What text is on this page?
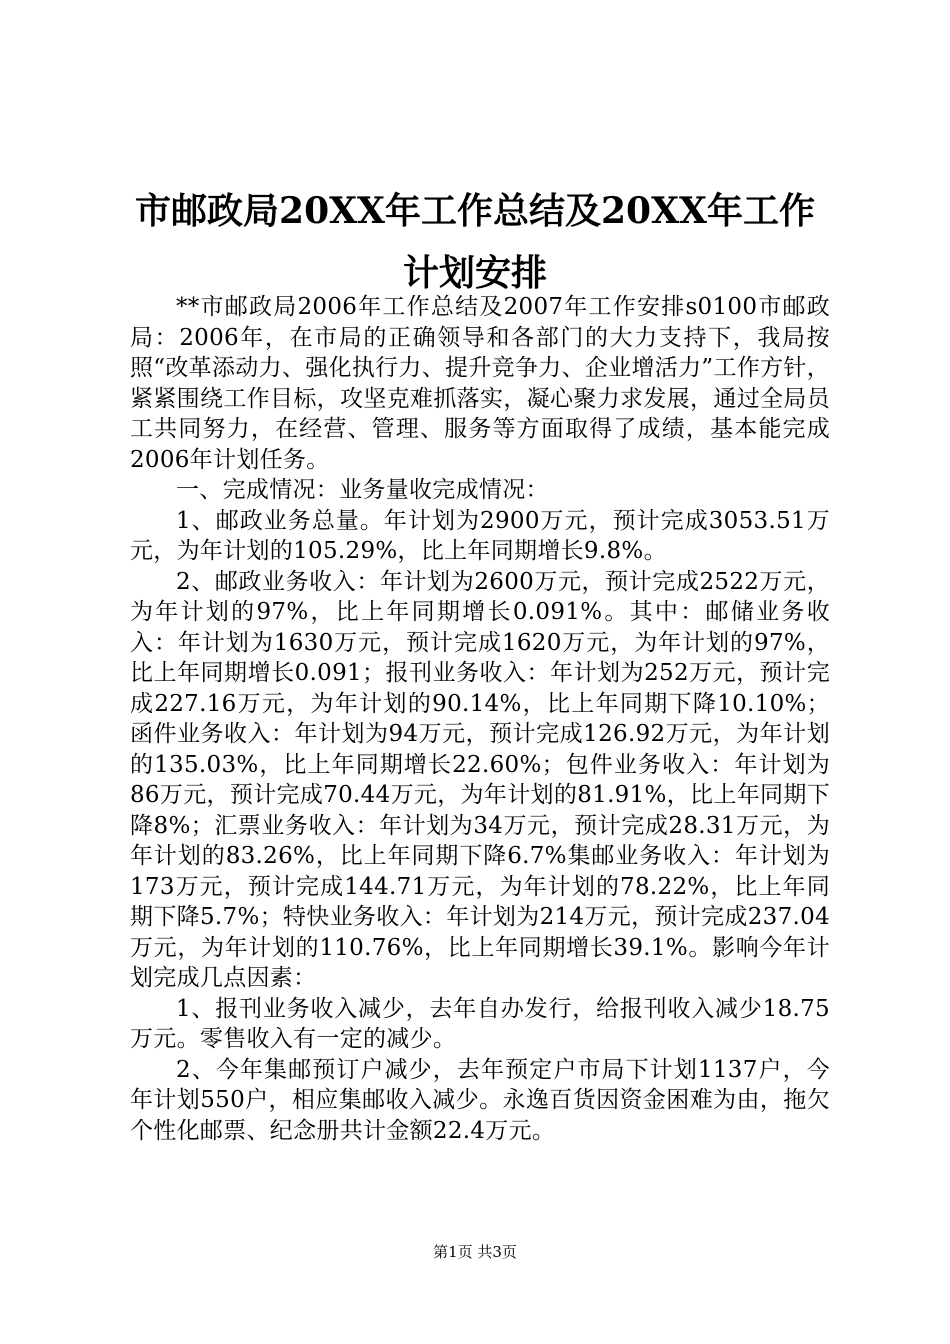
市邮政局20XX年工作总结及20XX年工作计划安排

**市邮政局2006年工作总结及2007年工作安排s0100市邮政局：2006年，在市局的正确领导和各部门的大力支持下，我局按照“改革添动力、强化执行力、提升竞争力、企业增活力”工作方针，紧紧围绕工作目标，攻坚克难抓落实，凝心聚力求发展，通过全局员工共同努力，在经营、管理、服务等方面取得了成绩，基本能完成2006年计划任务。

一、完成情况：业务量收完成情况：

1、邮政业务总量。年计划为2900万元，预计完成3053.51万元，为年计划的105.29%，比上年同期增长9.8%。

2、邮政业务收入：年计划为2600万元，预计完成2522万元，为年计划的97%，比上年同期增长0.091%。其中：邮储业务收入：年计划为1630万元，预计完成1620万元，为年计划的97%，比上年同期增长0.091；报刊业务收入：年计划为252万元，预计完成227.16万元，为年计划的90.14%，比上年同期下降10.10%；函件业务收入：年计划为94万元，预计完成126.92万元，为年计划的135.03%，比上年同期增长22.60%；包件业务收入：年计划为86万元，预计完成70.44万元，为年计划的81.91%，比上年同期下降8%；汇票业务收入：年计划为34万元，预计完成28.31万元，为年计划的83.26%，比上年同期下降6.7%集邮业务收入：年计划为173万元，预计完成144.71万元，为年计划的78.22%，比上年同期下降5.7%；特快业务收入：年计划为214万元，预计完成237.04万元，为年计划的110.76%，比上年同期增长39.1%。影响今年计划完成几点因素：

1、报刊业务收入减少，去年自办发行，给报刊收入减少18.75万元。零售收入有一定的减少。

2、今年集邮预订户减少，去年预定户市局下计划1137户，今年计划550户，相应集邮收入减少。永逸百货因资金困难为由，拖欠个性化邮票、纪念册共计金额22.4万元。

第1页 共3页
